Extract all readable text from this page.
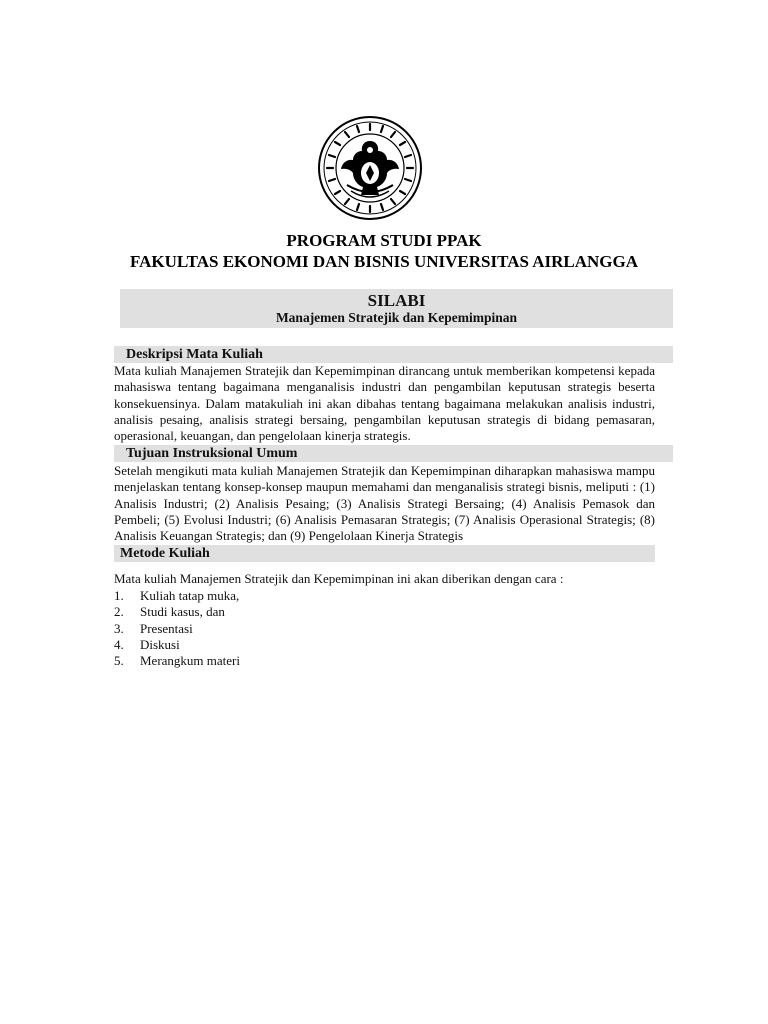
PROGRAM STUDI PPAK
FAKULTAS EKONOMI DAN BISNIS UNIVERSITAS AIRLANGGA
SILABI
Manajemen Stratejik dan Kepemimpinan
Deskripsi Mata Kuliah

Mata kuliah Manajemen Stratejik dan Kepemimpinan dirancang untuk memberikan kompetensi kepada mahasiswa tentang bagaimana menganalisis industri dan pengambilan keputusan strategis beserta konsekuensinya. Dalam matakuliah ini akan dibahas tentang bagaimana melakukan analisis industri, analisis pesaing, analisis strategi bersaing, pengambilan keputusan strategis di bidang pemasaran, operasional, keuangan, dan pengelolaan kinerja strategis.

Tujuan Instruksional Umum

Setelah mengikuti mata kuliah Manajemen Stratejik dan Kepemimpinan diharapkan mahasiswa mampu menjelaskan tentang konsep-konsep maupun memahami dan menganalisis strategi bisnis, meliputi : (1) Analisis Industri; (2) Analisis Pesaing; (3) Analisis Strategi Bersaing; (4) Analisis Pemasok dan Pembeli; (5) Evolusi Industri; (6) Analisis Pemasaran Strategis; (7) Analisis Operasional Strategis; (8) Analisis Keuangan Strategis; dan (9) Pengelolaan Kinerja Strategis

Metode Kuliah

Mata kuliah Manajemen Stratejik dan Kepemimpinan ini akan diberikan dengan cara :

1.	Kuliah tatap muka,
2.	Studi kasus, dan
3.	Presentasi
4.	Diskusi
5.	Merangkum materi
